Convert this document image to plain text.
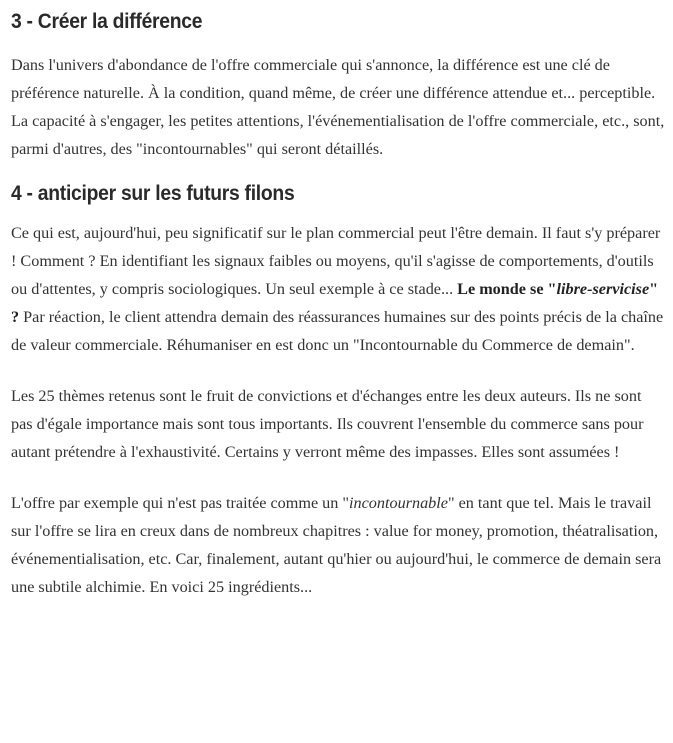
3 - Créer la différence

Dans l'univers d'abondance de l'offre commerciale qui s'annonce, la différence est une clé de préférence naturelle. À la condition, quand même, de créer une différence attendue et... perceptible. La capacité à s'engager, les petites attentions, l'événementialisation de l'offre commerciale, etc., sont, parmi d'autres, des "incontournables" qui seront détaillés.

4 - anticiper sur les futurs filons

Ce qui est, aujourd'hui, peu significatif sur le plan commercial peut l'être demain. Il faut s'y préparer ! Comment ? En identifiant les signaux faibles ou moyens, qu'il s'agisse de comportements, d'outils ou d'attentes, y compris sociologiques. Un seul exemple à ce stade... Le monde se "libre-servicise" ? Par réaction, le client attendra demain des réassurances humaines sur des points précis de la chaîne de valeur commerciale. Réhumaniser en est donc un "Incontournable du Commerce de demain".

Les 25 thèmes retenus sont le fruit de convictions et d'échanges entre les deux auteurs. Ils ne sont pas d'égale importance mais sont tous importants. Ils couvrent l'ensemble du commerce sans pour autant prétendre à l'exhaustivité. Certains y verront même des impasses. Elles sont assumées !

L'offre par exemple qui n'est pas traitée comme un "incontournable" en tant que tel. Mais le travail sur l'offre se lira en creux dans de nombreux chapitres : value for money, promotion, théatralisation, événementialisation, etc. Car, finalement, autant qu'hier ou aujourd'hui, le commerce de demain sera une subtile alchimie. En voici 25 ingrédients...
